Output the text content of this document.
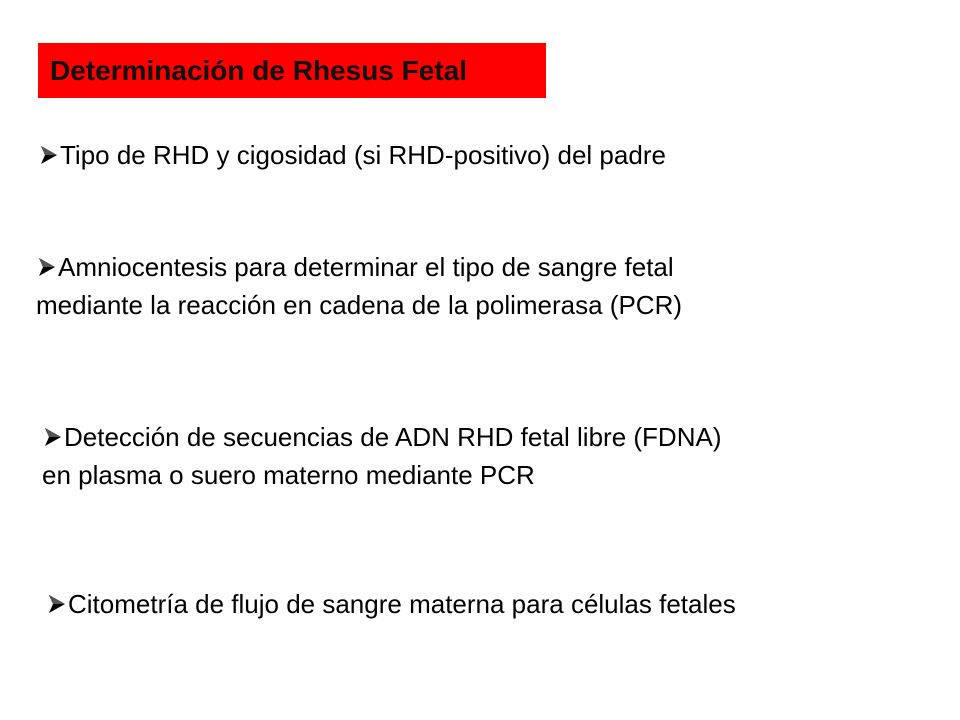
Determinación de Rhesus Fetal
Tipo de RHD y cigosidad (si RHD-positivo) del padre
Amniocentesis para determinar el tipo de sangre fetal
mediante la reacción en cadena de la polimerasa (PCR)
Detección de secuencias de ADN RHD fetal libre (FDNA)
en plasma o suero materno mediante PCR
Citometría de flujo de sangre materna para células fetales
